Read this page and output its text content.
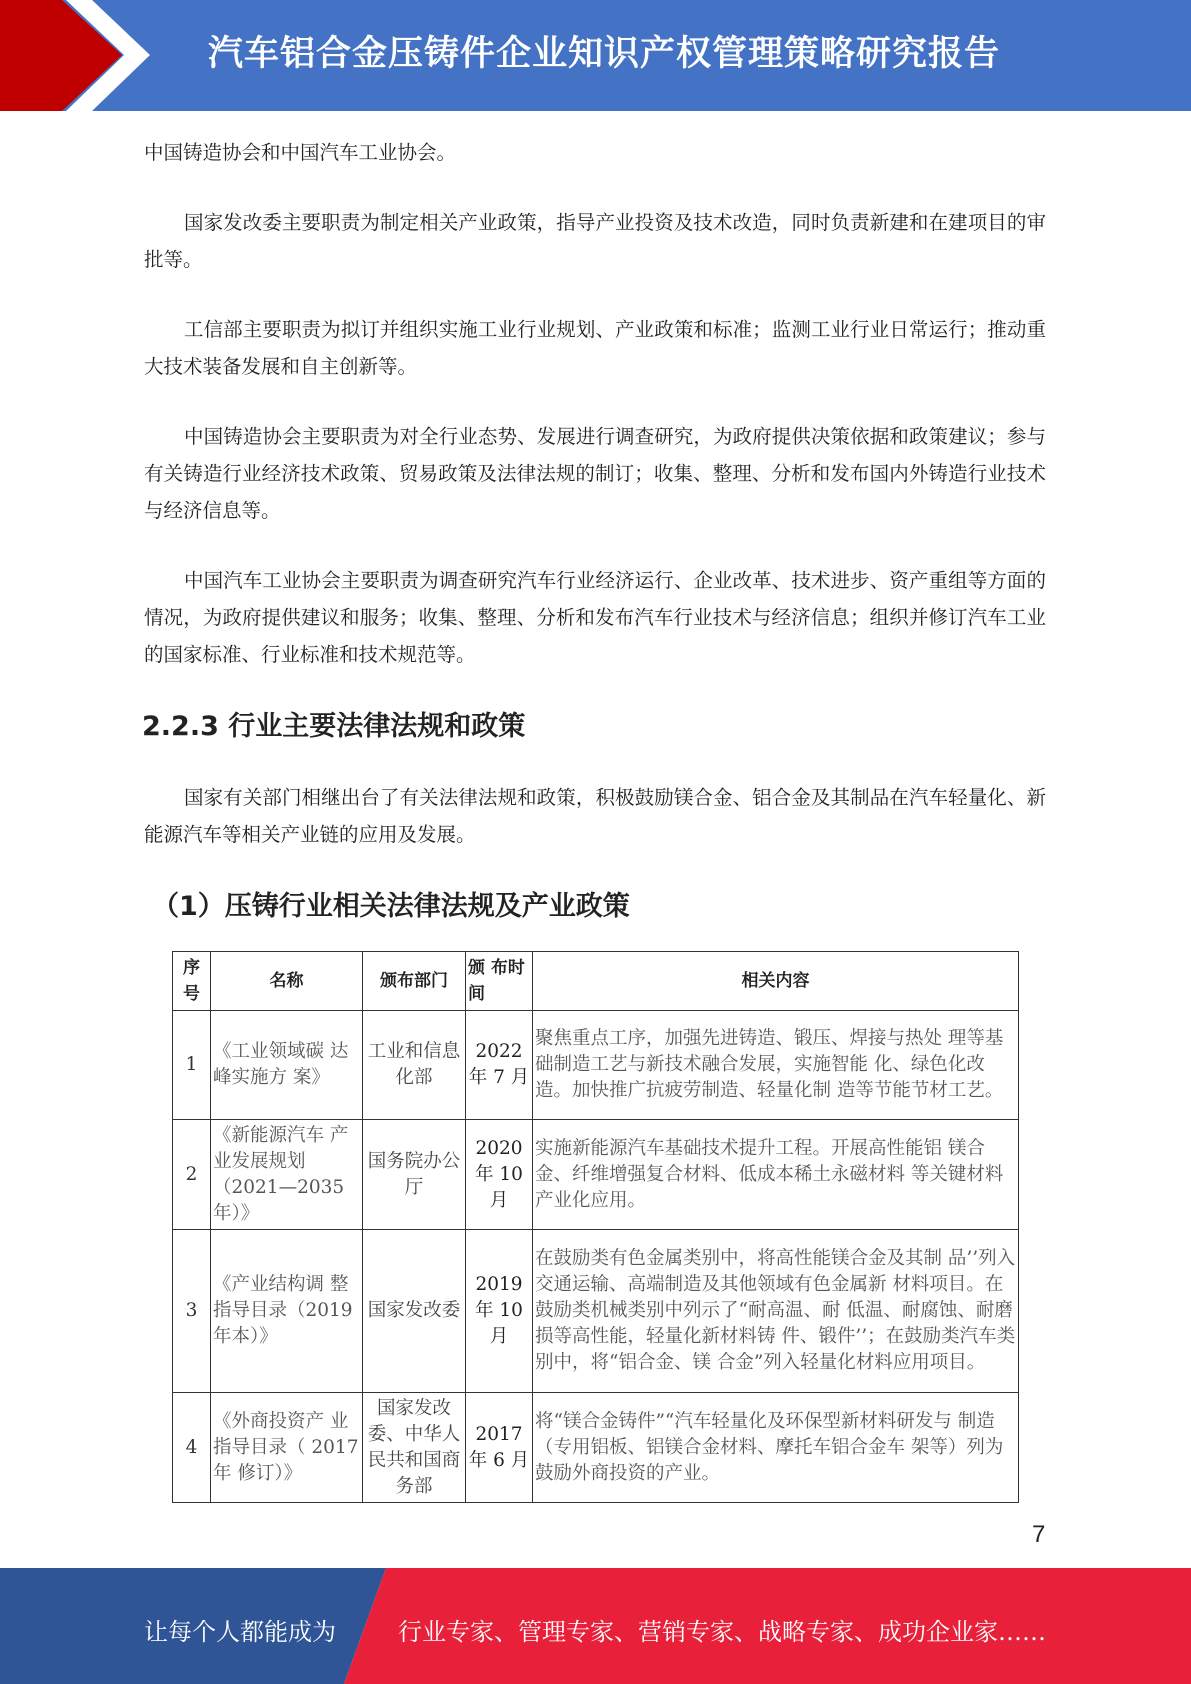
汽车铝合金压铸件企业知识产权管理策略研究报告

中国铸造协会和中国汽车工业协会。

国家发改委主要职责为制定相关产业政策，指导产业投资及技术改造，同时负责新建和在建项目的审批等。

工信部主要职责为拟订并组织实施工业行业规划、产业政策和标准；监测工业行业日常运行；推动重大技术装备发展和自主创新等。

中国铸造协会主要职责为对全行业态势、发展进行调查研究，为政府提供决策依据和政策建议；参与有关铸造行业经济技术政策、贸易政策及法律法规的制订；收集、整理、分析和发布国内外铸造行业技术与经济信息等。

中国汽车工业协会主要职责为调查研究汽车行业经济运行、企业改革、技术进步、资产重组等方面的情况，为政府提供建议和服务；收集、整理、分析和发布汽车行业技术与经济信息；组织并修订汽车工业的国家标准、行业标准和技术规范等。

2.2.3 行业主要法律法规和政策

国家有关部门相继出台了有关法律法规和政策，积极鼓励镁合金、铝合金及其制品在汽车轻量化、新能源汽车等相关产业链的应用及发展。

（1）压铸行业相关法律法规及产业政策
序号	名称	颁布部门	颁 布时间	相关内容
1	《工业领域碳 达峰实施方 案》	工业和信息化部	2022年 7 月	聚焦重点工序，加强先进铸造、锻压、焊接与热处 理等基础制造工艺与新技术融合发展，实施智能 化、绿色化改造。加快推广抗疲劳制造、轻量化制 造等节能节材工艺。
2	《新能源汽车 产业发展规划（2021—2035年）》	国务院办公厅	2020年 10月	实施新能源汽车基础技术提升工程。开展高性能铝 镁合金、纤维增强复合材料、低成本稀土永磁材料 等关键材料产业化应用。
3	《产业结构调 整指导目录（2019 年本）》	国家发改委	2019年 10月	在鼓励类有色金属类别中，将高性能镁合金及其制 品’’列入交通运输、高端制造及其他领域有色金属新 材料项目。在鼓励类机械类别中列示了“耐高温、耐 低温、耐腐蚀、耐磨损等高性能，轻量化新材料铸 件、锻件’’；在鼓励类汽车类别中，将“铝合金、镁 合金”列入轻量化材料应用项目。
4	《外商投资产 业指导目录（ 2017 年 修订）》	国家发改委、中华人民共和国商务部	2017年 6 月	将“镁合金铸件”“汽车轻量化及环保型新材料研发与 制造（专用铝板、铝镁合金材料、摩托车铝合金车 架等）列为鼓励外商投资的产业。
7
让每个人都能成为	行业专家、管理专家、营销专家、战略专家、成功企业家……
